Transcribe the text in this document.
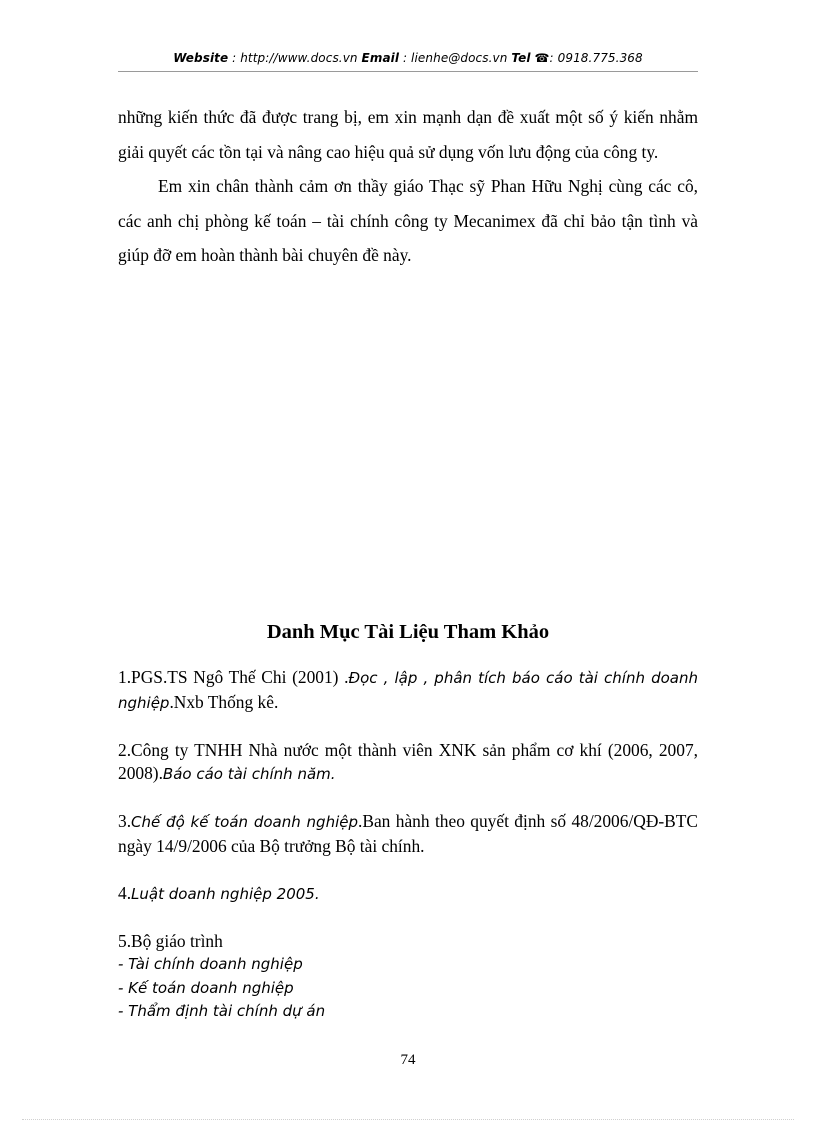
Website : http://www.docs.vn Email : lienhe@docs.vn Tel ☎: 0918.775.368

những kiến thức đã được trang bị, em xin mạnh dạn đề xuất một số ý kiến nhằm giải quyết các tồn tại và nâng cao hiệu quả sử dụng vốn lưu động của công ty.

Em xin chân thành cảm ơn thầy giáo Thạc sỹ Phan Hữu Nghị cùng các cô, các anh chị phòng kế toán – tài chính công ty Mecanimex đã chỉ bảo tận tình và giúp đỡ em hoàn thành bài chuyên đề này.

Danh Mục Tài Liệu Tham Khảo

1.PGS.TS Ngô Thế Chi (2001) .Đọc , lập , phân tích báo cáo tài chính doanh nghiệp.Nxb Thống kê.

2.Công ty TNHH Nhà nước một thành viên XNK sản phẩm cơ khí (2006, 2007, 2008).Báo cáo tài chính năm.

3.Chế độ kế toán doanh nghiệp.Ban hành theo quyết định số 48/2006/QĐ-BTC ngày 14/9/2006 của Bộ trưởng Bộ tài chính.

4.Luật doanh nghiệp 2005.

5.Bộ giáo trình
- Tài chính doanh nghiệp
- Kế toán doanh nghiệp
- Thẩm định tài chính dự án

74
